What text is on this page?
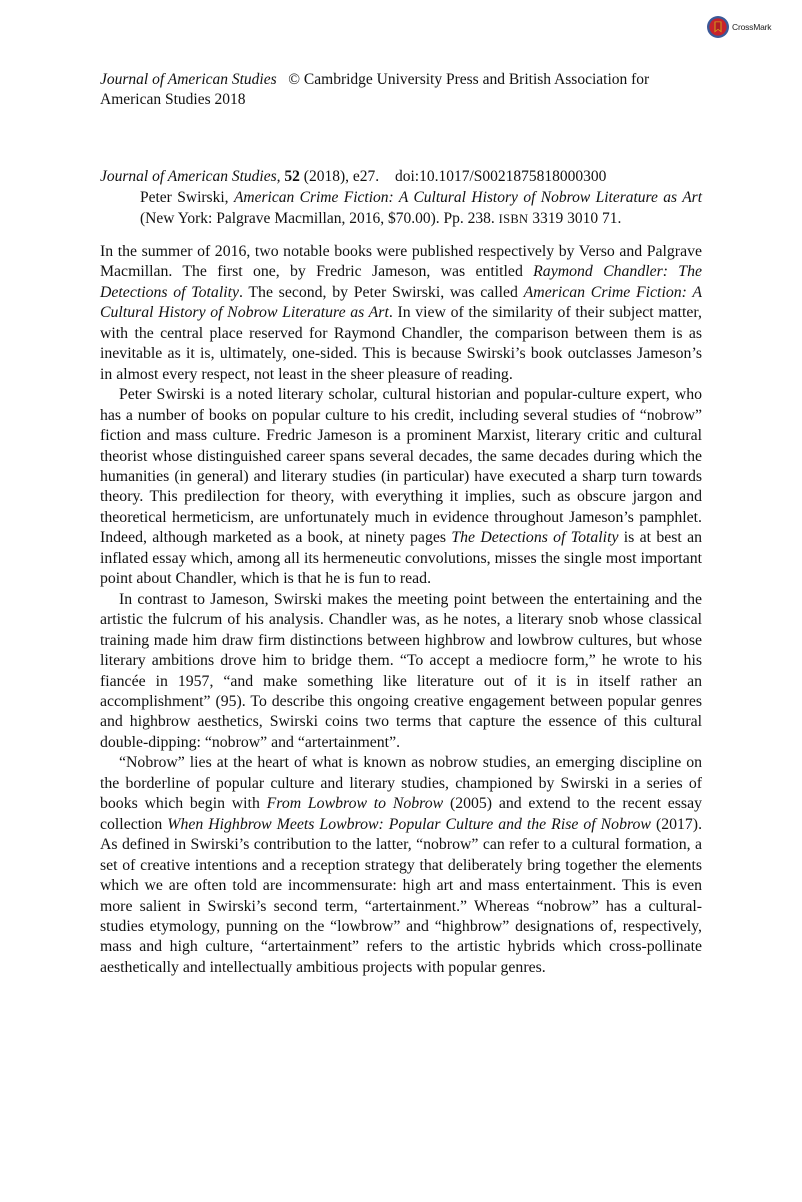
CrossMark
Journal of American Studies © Cambridge University Press and British Association for American Studies 2018
Journal of American Studies, 52 (2018), e27. doi:10.1017/S0021875818000300
Peter Swirski, American Crime Fiction: A Cultural History of Nobrow Literature as Art (New York: Palgrave Macmillan, 2016, $70.00). Pp. 238. ISBN 3319 3010 71.

In the summer of 2016, two notable books were published respectively by Verso and Palgrave Macmillan. The first one, by Fredric Jameson, was entitled Raymond Chandler: The Detections of Totality. The second, by Peter Swirski, was called American Crime Fiction: A Cultural History of Nobrow Literature as Art. In view of the similarity of their subject matter, with the central place reserved for Raymond Chandler, the comparison between them is as inevitable as it is, ultimately, one-sided. This is because Swirski’s book outclasses Jameson’s in almost every respect, not least in the sheer pleasure of reading.

Peter Swirski is a noted literary scholar, cultural historian and popular-culture expert, who has a number of books on popular culture to his credit, including several studies of “nobrow” fiction and mass culture. Fredric Jameson is a prominent Marxist, literary critic and cultural theorist whose distinguished career spans several decades, the same decades during which the humanities (in general) and literary studies (in particular) have executed a sharp turn towards theory. This predilection for theory, with everything it implies, such as obscure jargon and theoretical hermeticism, are unfortunately much in evidence throughout Jameson’s pamphlet. Indeed, although marketed as a book, at ninety pages The Detections of Totality is at best an inflated essay which, among all its hermeneutic convolutions, misses the single most important point about Chandler, which is that he is fun to read.

In contrast to Jameson, Swirski makes the meeting point between the entertaining and the artistic the fulcrum of his analysis. Chandler was, as he notes, a literary snob whose classical training made him draw firm distinctions between highbrow and lowbrow cultures, but whose literary ambitions drove him to bridge them. “To accept a mediocre form,” he wrote to his fiancée in 1957, “and make something like literature out of it is in itself rather an accomplishment” (95). To describe this ongoing creative engagement between popular genres and highbrow aesthetics, Swirski coins two terms that capture the essence of this cultural double-dipping: “nobrow” and “artertainment”.

“Nobrow” lies at the heart of what is known as nobrow studies, an emerging discipline on the borderline of popular culture and literary studies, championed by Swirski in a series of books which begin with From Lowbrow to Nobrow (2005) and extend to the recent essay collection When Highbrow Meets Lowbrow: Popular Culture and the Rise of Nobrow (2017). As defined in Swirski’s contribution to the latter, “nobrow” can refer to a cultural formation, a set of creative intentions and a reception strategy that deliberately bring together the elements which we are often told are incommensurate: high art and mass entertainment. This is even more salient in Swirski’s second term, “artertainment.” Whereas “nobrow” has a cultural-studies etymology, punning on the “lowbrow” and “highbrow” designations of, respectively, mass and high culture, “artertainment” refers to the artistic hybrids which cross-pollinate aesthetically and intellectually ambitious projects with popular genres.
